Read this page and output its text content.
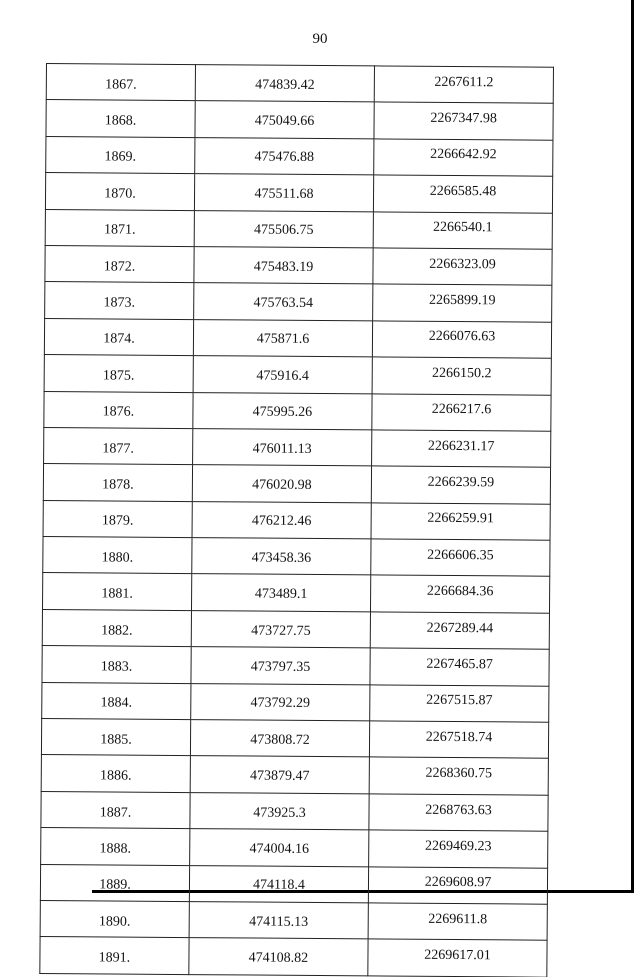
90
1867.	474839.42	2267611.2
1868.	475049.66	2267347.98
1869.	475476.88	2266642.92
1870.	475511.68	2266585.48
1871.	475506.75	2266540.1
1872.	475483.19	2266323.09
1873.	475763.54	2265899.19
1874.	475871.6	2266076.63
1875.	475916.4	2266150.2
1876.	475995.26	2266217.6
1877.	476011.13	2266231.17
1878.	476020.98	2266239.59
1879.	476212.46	2266259.91
1880.	473458.36	2266606.35
1881.	473489.1	2266684.36
1882.	473727.75	2267289.44
1883.	473797.35	2267465.87
1884.	473792.29	2267515.87
1885.	473808.72	2267518.74
1886.	473879.47	2268360.75
1887.	473925.3	2268763.63
1888.	474004.16	2269469.23
1889.	474118.4	2269608.97
1890.	474115.13	2269611.8
1891.	474108.82	2269617.01
